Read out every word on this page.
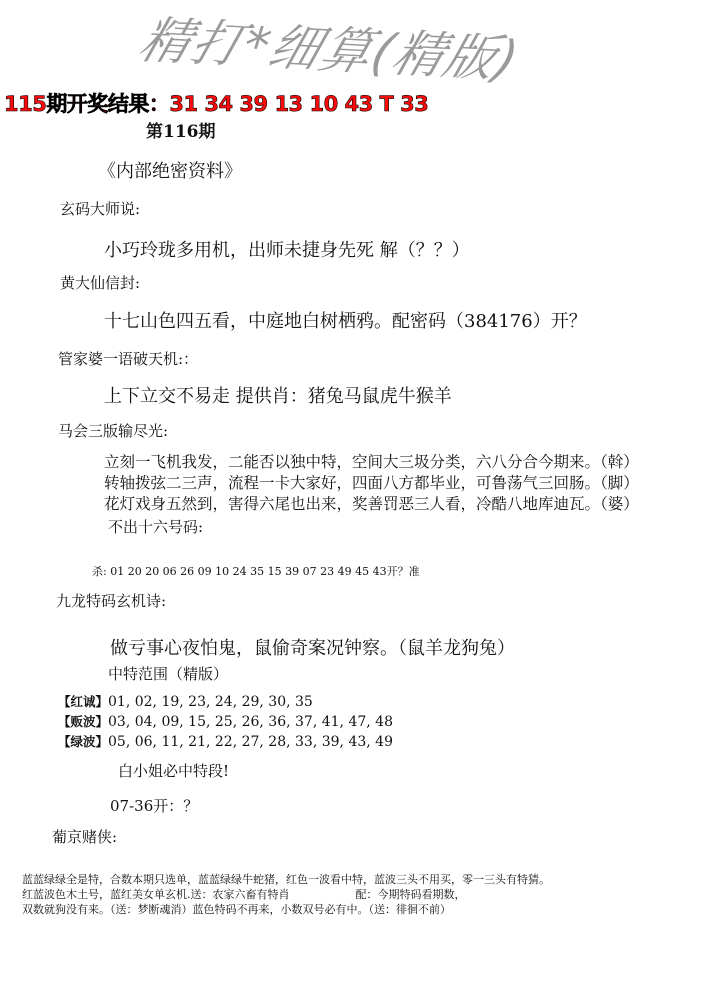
精打*细算(精版)
115期开奖结果：31 34 39 13 10 43 T 33
第116期
《内部绝密资料》
玄码大师说:
小巧玲珑多用机，出师未捷身先死 解（？？）
黄大仙信封:
十七山色四五看，中庭地白树栖鸦。配密码（384176）开？
管家婆一语破天机:：
上下立交不易走 提供肖：猪兔马鼠虎牛猴羊
马会三版输尽光:
立刻一飞机我发，二能否以独中特，空间大三圾分类，六八分合今期来。（斡）
转轴拨弦二三声，流程一卡大家好，四面八方都毕业，可鲁荡气三回肠。（脚）
花灯戏身五然到，害得六尾也出来，奖善罚恶三人看，冷酷八地库迪瓦。（婆）
不出十六号码:
杀: 01 20 20 06 26 09 10 24 35 15 39 07 23 49 45 43开？准
九龙特码玄机诗:
做亏事心夜怕鬼，鼠偷奇案况钟察。（鼠羊龙狗兔）
中特范围（精版）
【红诚】01, 02, 19, 23, 24, 29, 30, 35
【贩波】03, 04, 09, 15, 25, 26, 36, 37, 41, 47, 48
【绿波】05, 06, 11, 21, 22, 27, 28, 33, 39, 43, 49
白小姐必中特段!
07-36开：？
葡京赌侠:
蓝蓝绿绿全是特，合数本期只选单，蓝蓝绿绿牛蛇猪，红色一波看中特，蓝波三头不用买，零一三头有特猜。
红蓝波色木土号，蓝红美女单玄机.送：农家六畜有特肖　　　　　　配：今期特码看期数，
双数就狗没有来。（送：梦断魂消）蓝色特码不再来，小数双号必有中。（送：徘徊不前）
